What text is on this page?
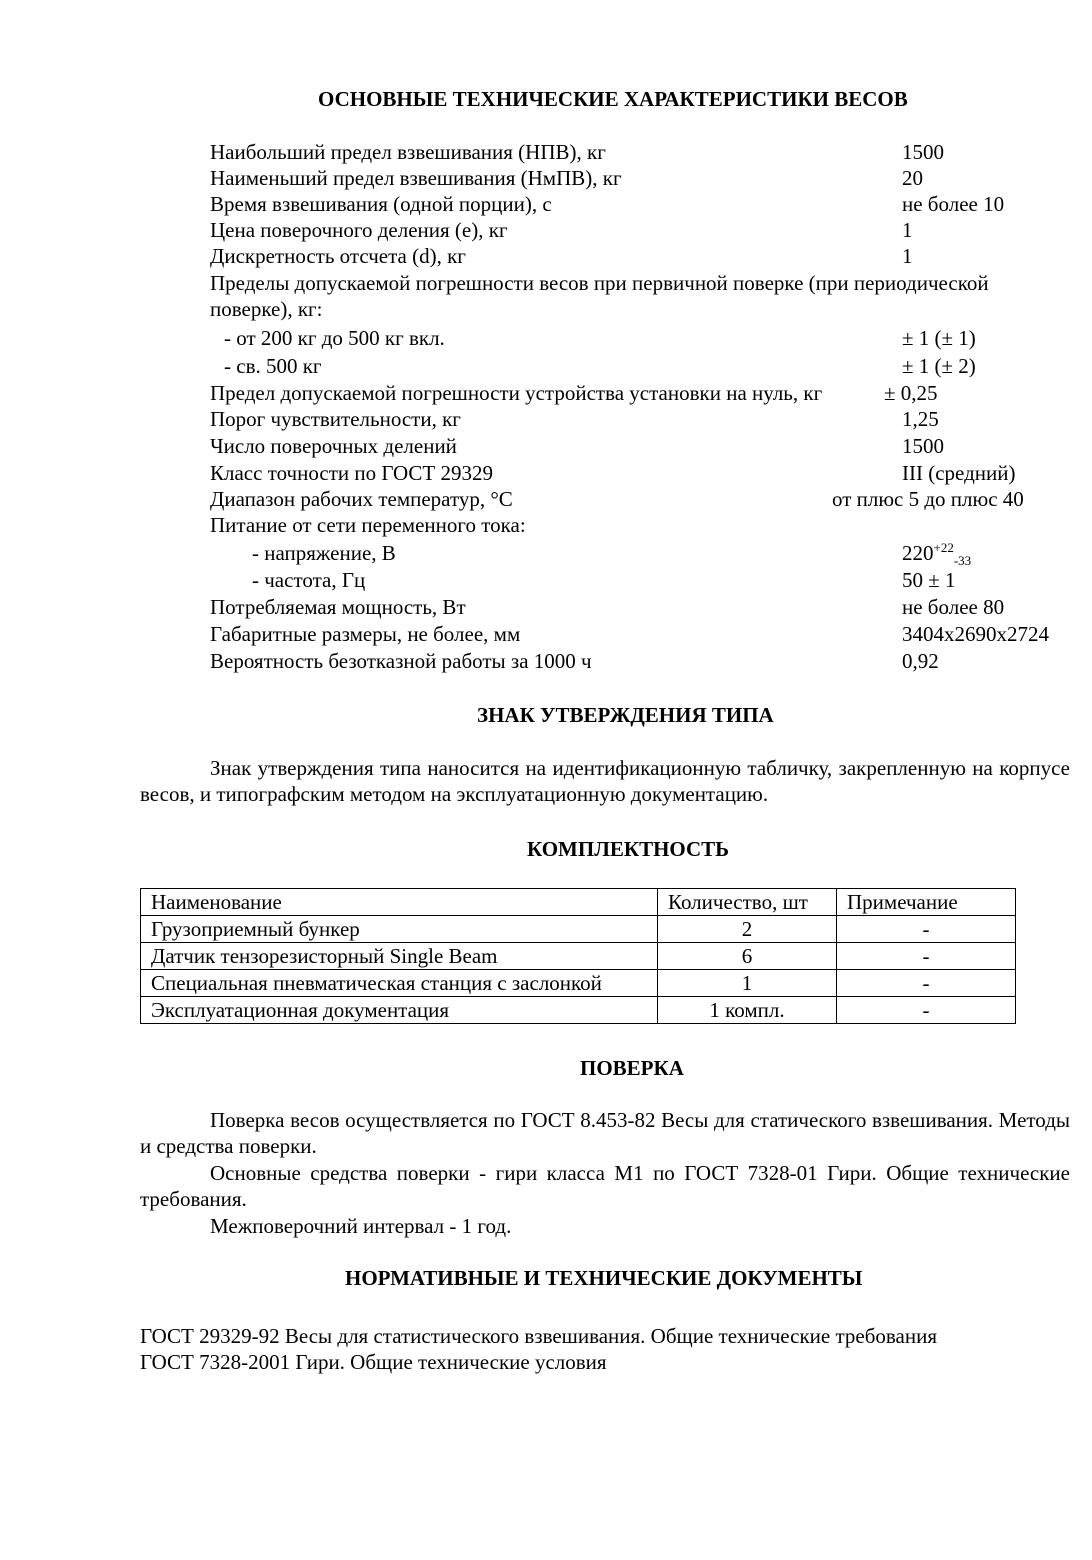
ОСНОВНЫЕ ТЕХНИЧЕСКИЕ ХАРАКТЕРИСТИКИ ВЕСОВ
Наибольший предел взвешивания (НПВ), кг	1500
Наименьший предел взвешивания (НмПВ), кг	20
Время взвешивания (одной порции), с	не более 10
Цена поверочного деления (e), кг	1
Дискретность отсчета (d), кг	1
Пределы допускаемой погрешности весов при первичной поверке (при периодической
поверке), кг:
- от 200 кг до 500 кг вкл.	± 1 (± 1)
- св. 500 кг	± 1 (± 2)
Предел допускаемой погрешности устройства установки на нуль, кг	± 0,25
Порог чувствительности, кг	1,25
Число поверочных делений	1500
Класс точности по ГОСТ 29329	III (средний)
Диапазон рабочих температур, °С	от плюс 5 до плюс 40
Питание от сети переменного тока:
- напряжение, В	$220^{+22}_{-33}$
- частота, Гц	50 ± 1
Потребляемая мощность, Вт	не более 80
Габаритные размеры, не более, мм	3404x2690x2724
Вероятность безотказной работы за 1000 ч	0,92
ЗНАК УТВЕРЖДЕНИЯ ТИПА
Знак утверждения типа наносится на идентификационную табличку, закрепленную на корпусе весов, и типографским методом на эксплуатационную документацию.
КОМПЛЕКТНОСТЬ
Наименование	Количество, шт	Примечание
Грузоприемный бункер	2	-
Датчик тензорезисторный Single Beam	6	-
Специальная пневматическая станция с заслонкой	1	-
Эксплуатационная документация	1 компл.	-
ПОВЕРКА
Поверка весов осуществляется по ГОСТ 8.453-82 Весы для статического взвешивания. Методы и средства поверки.
Основные средства поверки - гири класса М1 по ГОСТ 7328-01 Гири. Общие технические требования.
Межповерочний интервал - 1 год.
НОРМАТИВНЫЕ И ТЕХНИЧЕСКИЕ ДОКУМЕНТЫ
ГОСТ 29329-92 Весы для статистического взвешивания. Общие технические требования
ГОСТ 7328-2001 Гири. Общие технические условия
